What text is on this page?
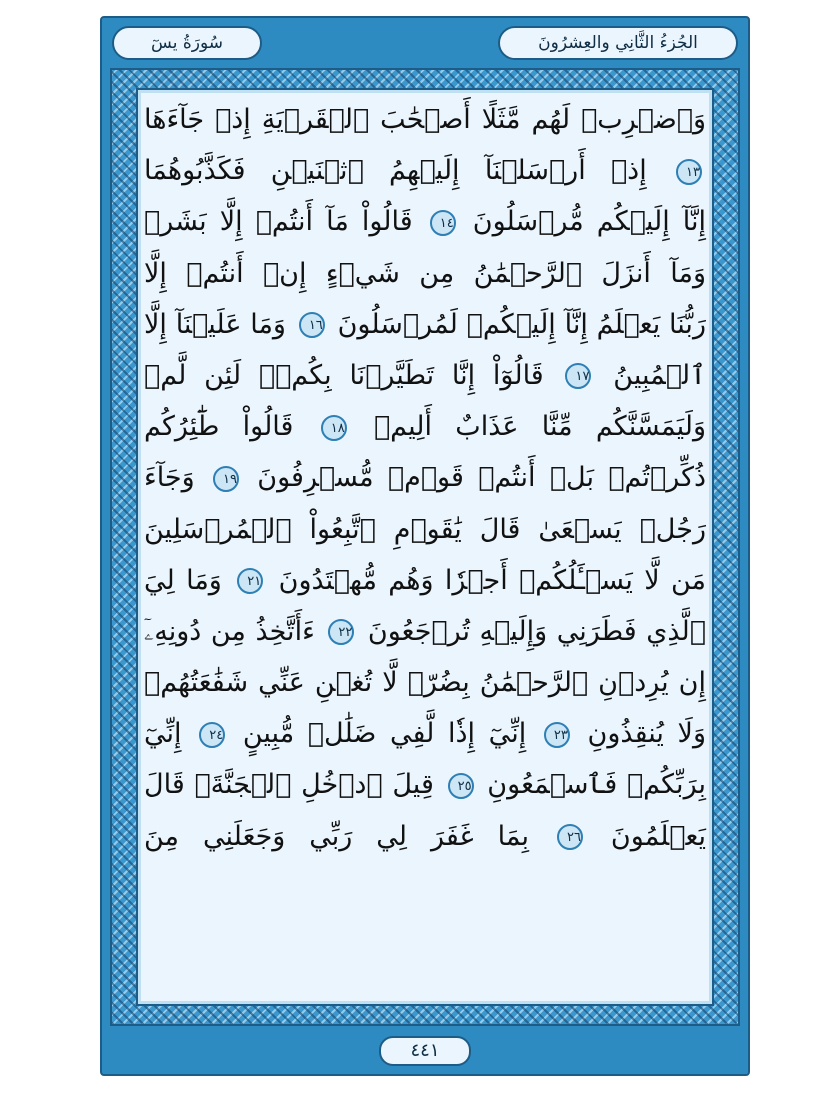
الجُزءُ الثَّانِي والعِشرُونَ
سُورَةُ يسٓ
وَٱضۡرِبۡ لَهُم مَّثَلًا أَصۡحَٰبَ ٱلۡقَرۡيَةِ إِذۡ جَآءَهَا
١٣ إِذۡ أَرۡسَلۡنَآ إِلَيۡهِمُ ٱثۡنَيۡنِ فَكَذَّبُوهُمَا
إِنَّآ إِلَيۡكُم مُّرۡسَلُونَ ١٤ قَالُواْ مَآ أَنتُمۡ إِلَّا بَشَرٞ
وَمَآ أَنزَلَ ٱلرَّحۡمَٰنُ مِن شَيۡءٍ إِنۡ أَنتُمۡ إِلَّا
رَبُّنَا يَعۡلَمُ إِنَّآ إِلَيۡكُمۡ لَمُرۡسَلُونَ ١٦ وَمَا عَلَيۡنَآ إِلَّا
ٱلۡمُبِينُ ١٧ قَالُوٓاْ إِنَّا تَطَيَّرۡنَا بِكُمۡۖ لَئِن لَّمۡ
وَلَيَمَسَّنَّكُم مِّنَّا عَذَابٌ أَلِيمٞ ١٨ قَالُواْ طَٰٓئِرُكُم
ذُكِّرۡتُمۚ بَلۡ أَنتُمۡ قَوۡمٞ مُّسۡرِفُونَ ١٩ وَجَآءَ
رَجُلٞ يَسۡعَىٰ قَالَ يَٰقَوۡمِ ٱتَّبِعُواْ ٱلۡمُرۡسَلِينَ
مَن لَّا يَسۡـَٔلُكُمۡ أَجۡرٗا وَهُم مُّهۡتَدُونَ ٢١ وَمَا لِيَ
ٱلَّذِي فَطَرَنِي وَإِلَيۡهِ تُرۡجَعُونَ ٢٢ ءَأَتَّخِذُ مِن دُونِهِۦٓ
إِن يُرِدۡنِ ٱلرَّحۡمَٰنُ بِضُرّٖ لَّا تُغۡنِ عَنِّي شَفَٰعَتُهُمۡ
وَلَا يُنقِذُونِ ٢٣ إِنِّيٓ إِذٗا لَّفِي ضَلَٰلٖ مُّبِينٍ ٢٤ إِنِّيٓ
بِرَبِّكُمۡ فَٱسۡمَعُونِ ٢٥ قِيلَ ٱدۡخُلِ ٱلۡجَنَّةَۖ قَالَ
يَعۡلَمُونَ ٢٦ بِمَا غَفَرَ لِي رَبِّي وَجَعَلَنِي مِنَ
٤٤١
